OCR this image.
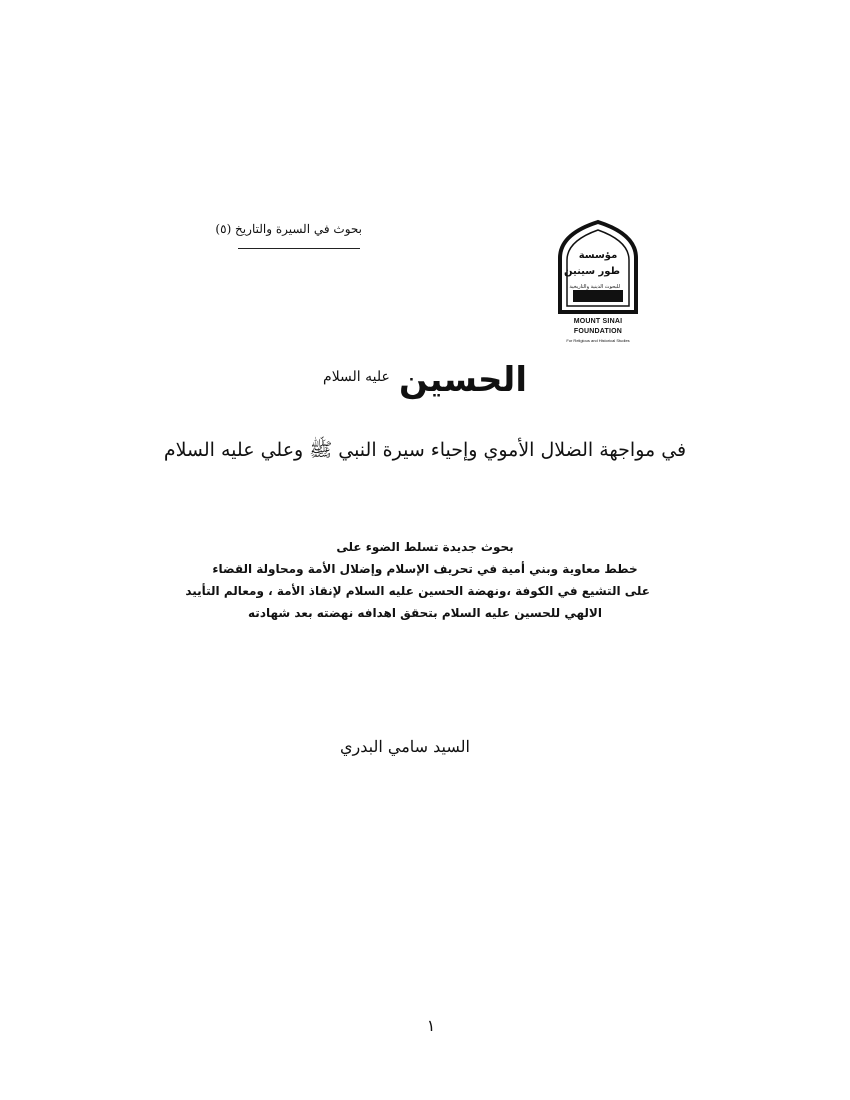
بحوث في السيرة والتاريخ (٥)
مؤسسة
طور سينين
للبحوث الدينية والتاريخية
MOUNT SINAI
FOUNDATION
For Religious and Historical Studies
الحسين عليه السلام
في مواجهة الضلال الأموي وإحياء سيرة النبي ﷺ وعلي عليه السلام
بحوث جديدة تسلط الضوء على
خطط معاوية وبني أمية في تحريف الإسلام وإضلال الأمة ومحاولة القضاء
على التشيع في الكوفة ،ونهضة الحسين عليه السلام لإنقاذ الأمة ، ومعالم التأييد
الالهي للحسين عليه السلام بتحقق اهدافه نهضته بعد شهادته
السيد سامي البدري
١
